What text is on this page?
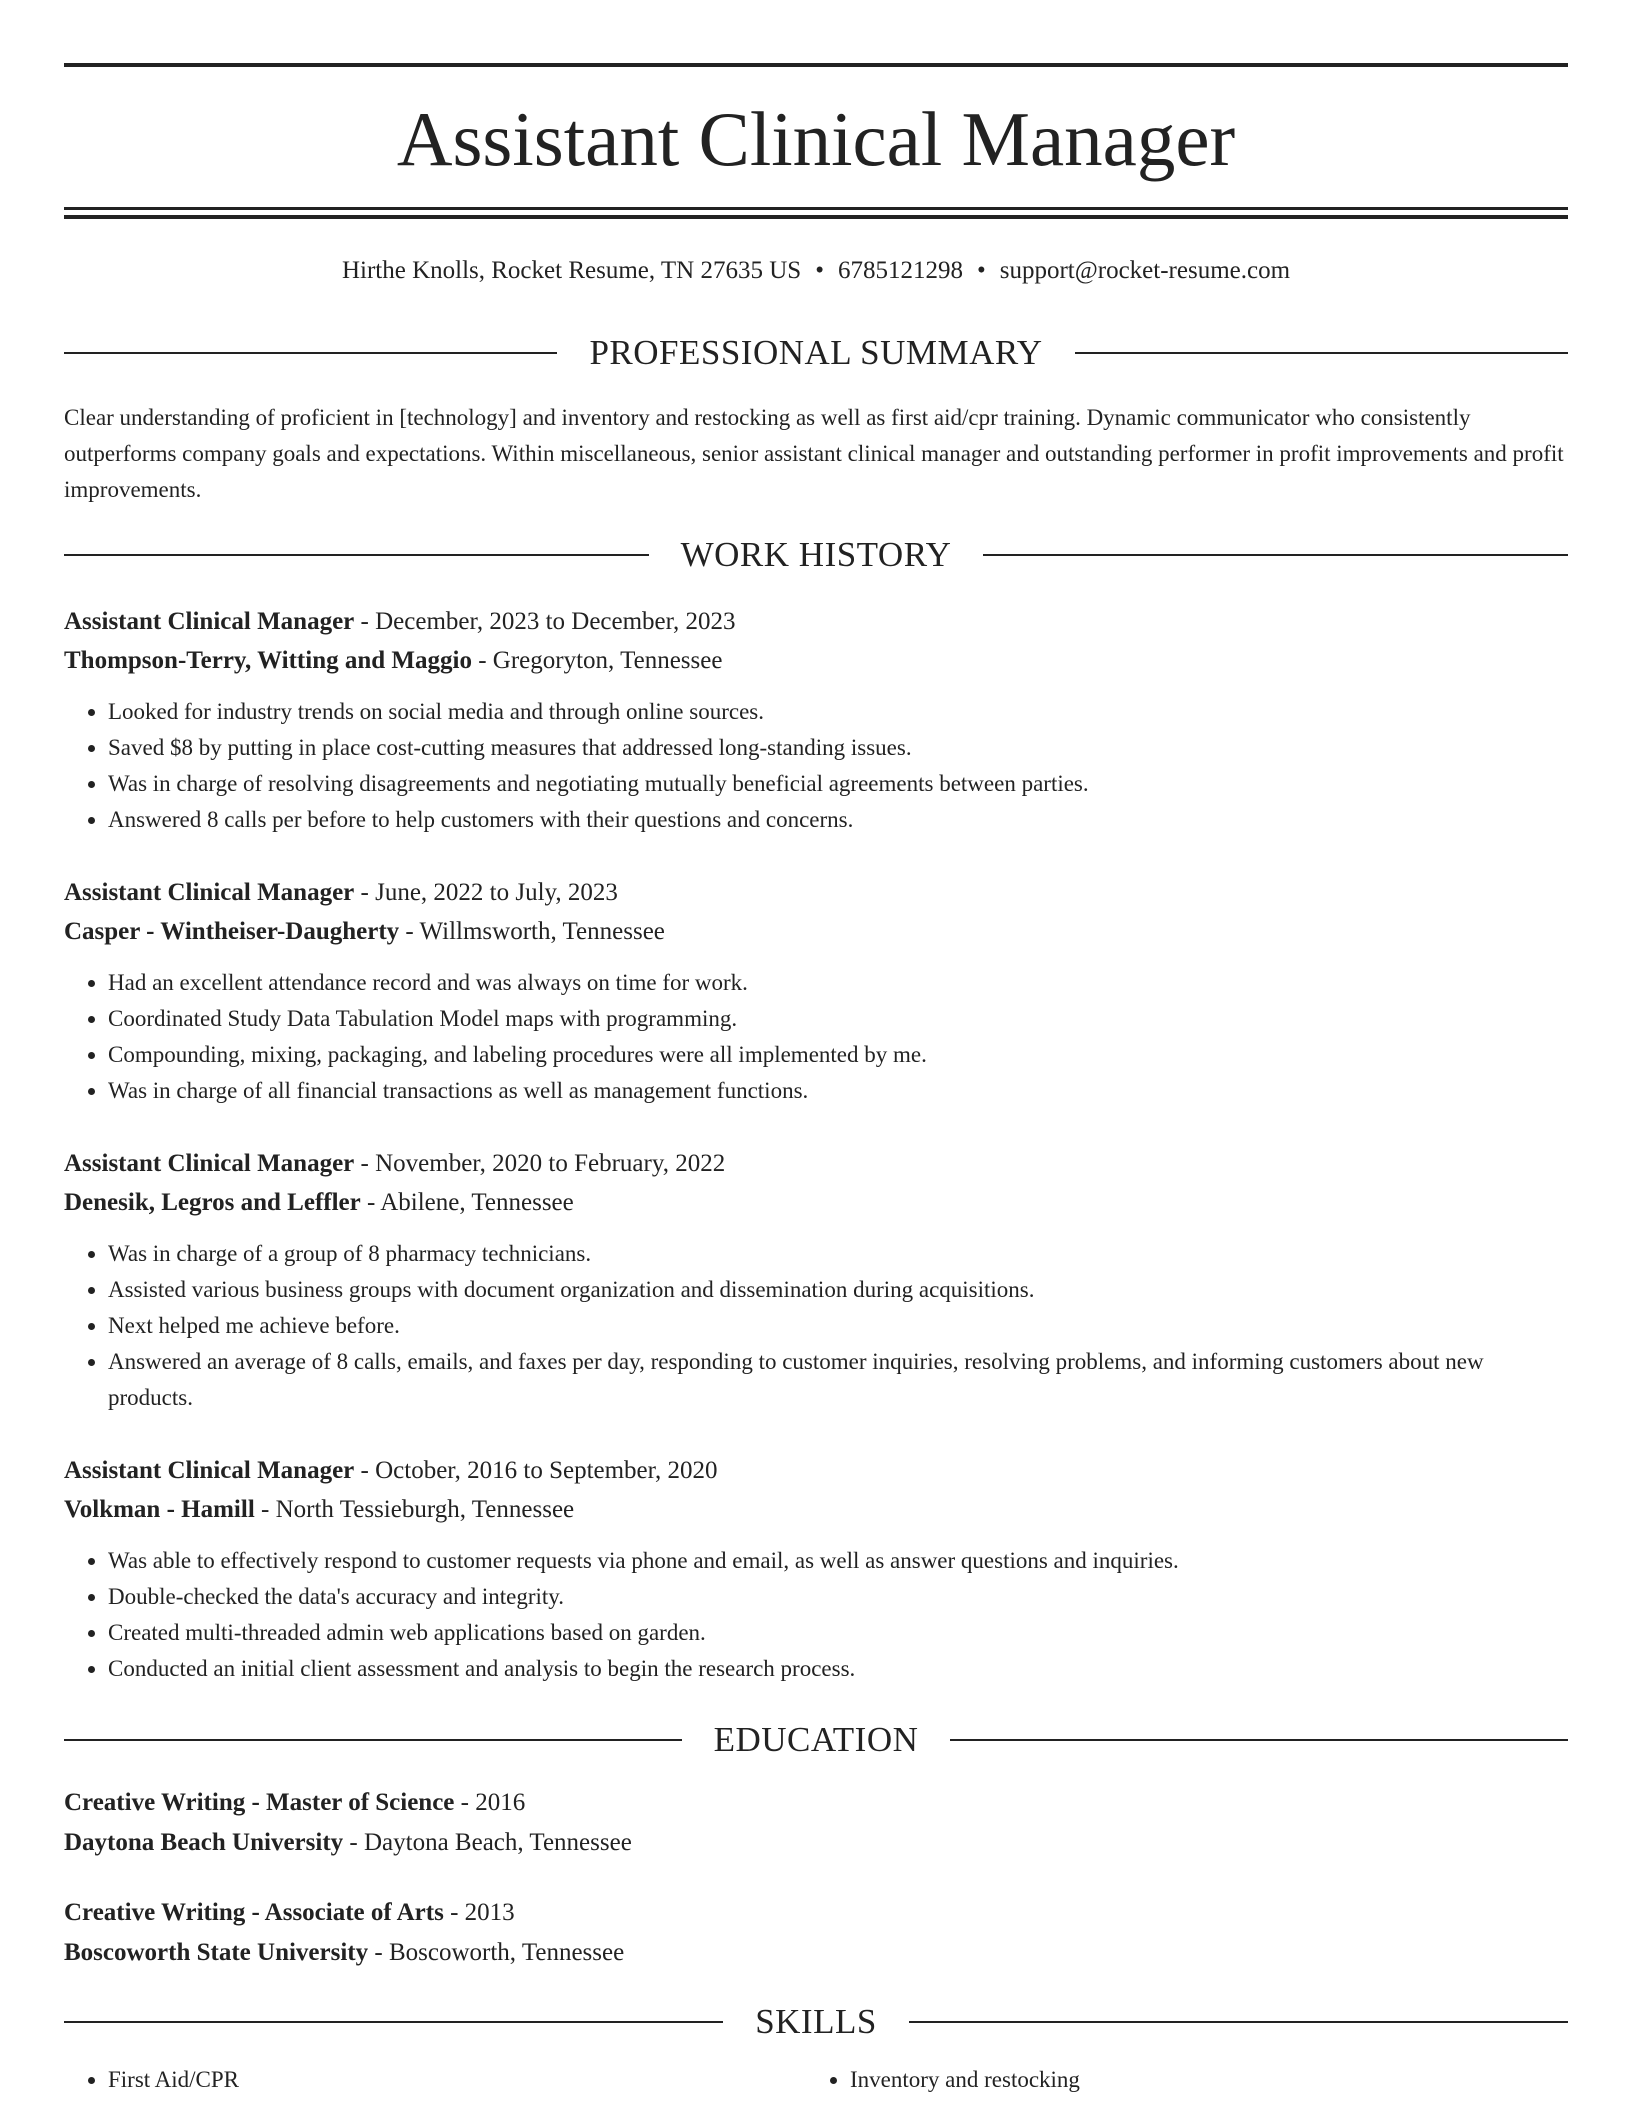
Assistant Clinical Manager
Hirthe Knolls, Rocket Resume, TN 27635 US • 6785121298 • support@rocket-resume.com
PROFESSIONAL SUMMARY

Clear understanding of proficient in [technology] and inventory and restocking as well as first aid/cpr training. Dynamic communicator who consistently outperforms company goals and expectations. Within miscellaneous, senior assistant clinical manager and outstanding performer in profit improvements and profit improvements.

WORK HISTORY
Assistant Clinical Manager - December, 2023 to December, 2023
Thompson-Terry, Witting and Maggio - Gregoryton, Tennessee
• Looked for industry trends on social media and through online sources.
• Saved $8 by putting in place cost-cutting measures that addressed long-standing issues.
• Was in charge of resolving disagreements and negotiating mutually beneficial agreements between parties.
• Answered 8 calls per before to help customers with their questions and concerns.
Assistant Clinical Manager - June, 2022 to July, 2023
Casper - Wintheiser-Daugherty - Willmsworth, Tennessee
• Had an excellent attendance record and was always on time for work.
• Coordinated Study Data Tabulation Model maps with programming.
• Compounding, mixing, packaging, and labeling procedures were all implemented by me.
• Was in charge of all financial transactions as well as management functions.
Assistant Clinical Manager - November, 2020 to February, 2022
Denesik, Legros and Leffler - Abilene, Tennessee
• Was in charge of a group of 8 pharmacy technicians.
• Assisted various business groups with document organization and dissemination during acquisitions.
• Next helped me achieve before.
• Answered an average of 8 calls, emails, and faxes per day, responding to customer inquiries, resolving problems, and informing customers about new products.
Assistant Clinical Manager - October, 2016 to September, 2020
Volkman - Hamill - North Tessieburgh, Tennessee
• Was able to effectively respond to customer requests via phone and email, as well as answer questions and inquiries.
• Double-checked the data's accuracy and integrity.
• Created multi-threaded admin web applications based on garden.
• Conducted an initial client assessment and analysis to begin the research process.
EDUCATION
Creative Writing - Master of Science - 2016
Daytona Beach University - Daytona Beach, Tennessee
Creative Writing - Associate of Arts - 2013
Boscoworth State University - Boscoworth, Tennessee
SKILLS
• First Aid/CPR
•	Inventory and restocking
